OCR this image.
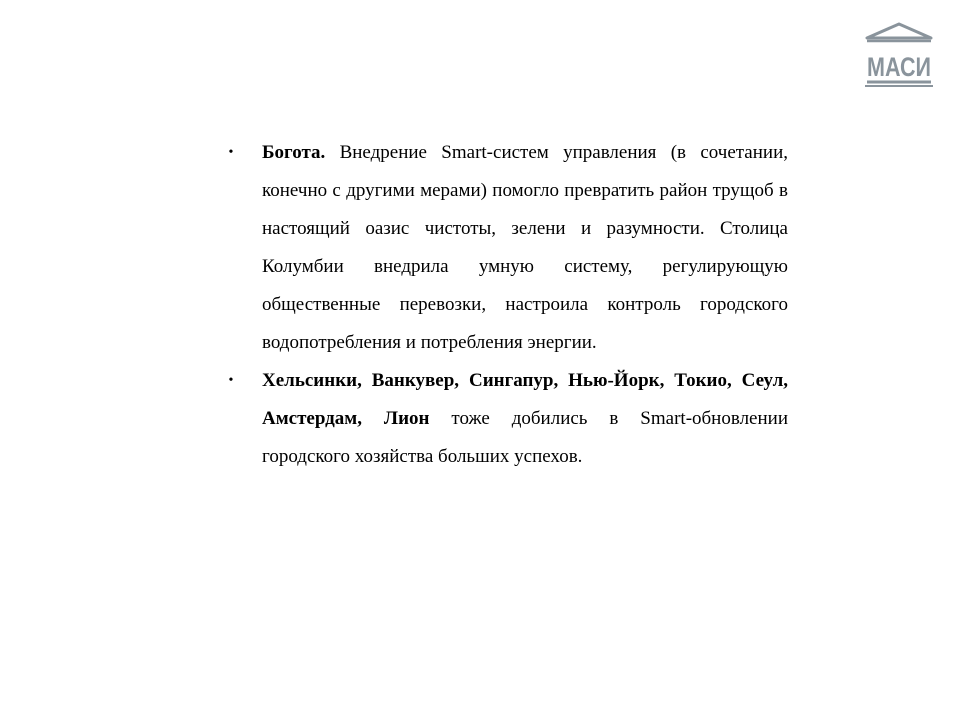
МАСИ
•	Богота. Внедрение Smart-систем управления (в сочетании, конечно с другими мерами) помогло превратить район трущоб в настоящий оазис чистоты, зелени и разумности. Столица Колумбии внедрила умную систему, регулирующую общественные перевозки, настроила контроль городского водопотребления и потребления энергии.
•	Хельсинки, Ванкувер, Сингапур, Нью-Йорк, Токио, Сеул, Амстердам, Лион тоже добились в Smart-обновлении городского хозяйства больших успехов.
